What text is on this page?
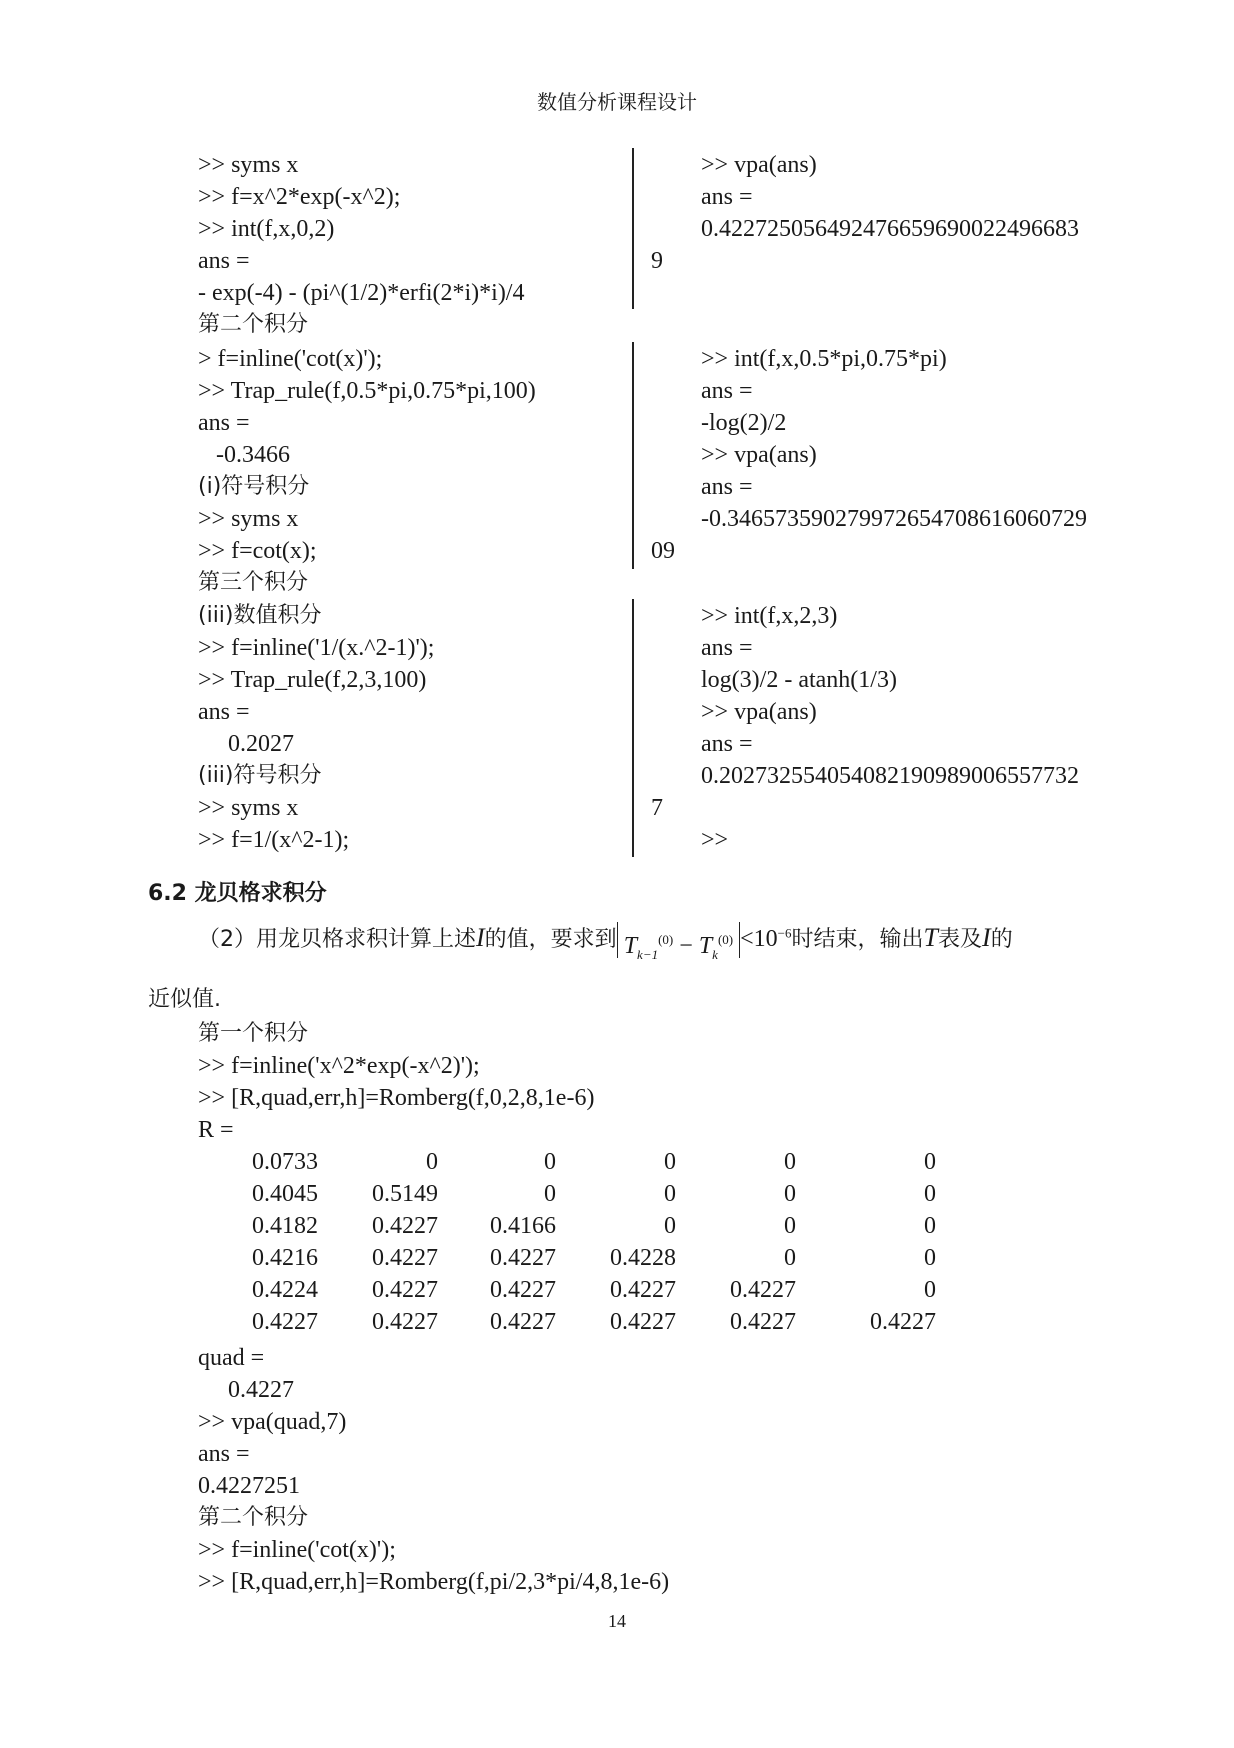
数值分析课程设计
>> syms x
>> f=x^2*exp(-x^2);
>> int(f,x,0,2)
ans =
- exp(-4) - (pi^(1/2)*erfi(2*i)*i)/4
>> vpa(ans)
ans =
0.422725056492476659690022496683
9
第二个积分
> f=inline('cot(x)');
>> Trap_rule(f,0.5*pi,0.75*pi,100)
ans =
-0.3466
(i)符号积分
>> syms x
>> f=cot(x);
>> int(f,x,0.5*pi,0.75*pi)
ans =
-log(2)/2
>> vpa(ans)
ans =
-0.346573590279972654708616060729
09
第三个积分
(iii)数值积分
>> f=inline('1/(x.^2-1)');
>> Trap_rule(f,2,3,100)
ans =
0.2027
(iii)符号积分
>> syms x
>> f=1/(x^2-1);
>> int(f,x,2,3)
ans =
log(3)/2 - atanh(1/3)
>> vpa(ans)
ans =
0.202732554054082190989006557732
7
>>
6.2 龙贝格求积分
（2）用龙贝格求积计算上述I的值，要求到 $T_{k-1}^{(0)} - T_k^{(0)} <10^{-6}$时结束，输出T表及I的
近似值.
第一个积分
>> f=inline('x^2*exp(-x^2)');
>> [R,quad,err,h]=Romberg(f,0,2,8,1e-6)
R =
0.0733	0	0	0	0	0
0.4045	0.5149	0	0	0	0
0.4182	0.4227	0.4166	0	0	0
0.4216	0.4227	0.4227	0.4228	0	0
0.4224	0.4227	0.4227	0.4227	0.4227	0
0.4227	0.4227	0.4227	0.4227	0.4227	0.4227
quad =
0.4227
>> vpa(quad,7)
ans =
0.4227251
第二个积分
>> f=inline('cot(x)');
>> [R,quad,err,h]=Romberg(f,pi/2,3*pi/4,8,1e-6)
14
